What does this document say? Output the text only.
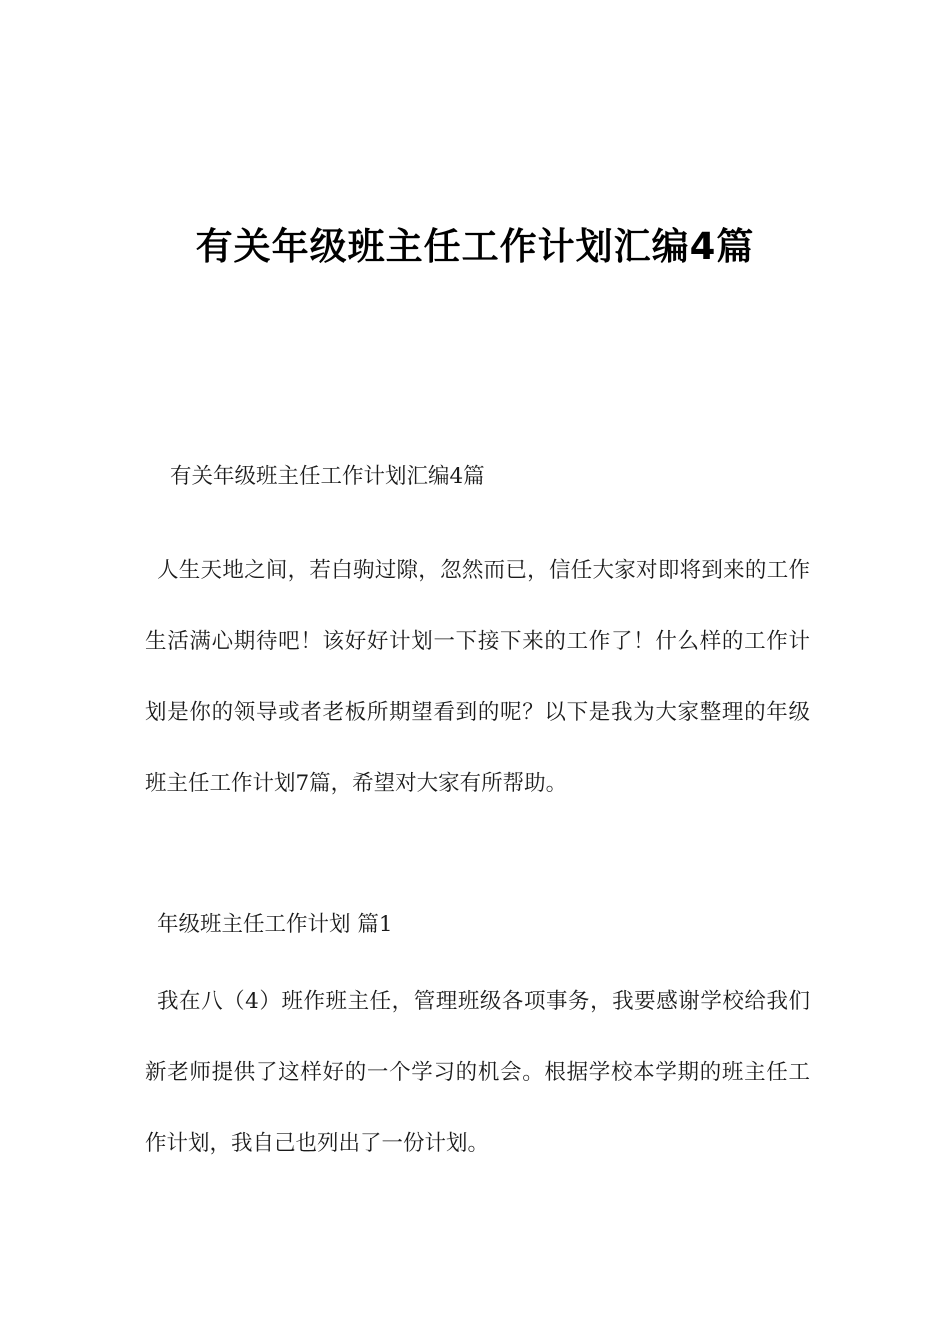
有关年级班主任工作计划汇编4篇
有关年级班主任工作计划汇编4篇
人生天地之间，若白驹过隙，忽然而已，信任大家对即将到来的工作生活满心期待吧！该好好计划一下接下来的工作了！什么样的工作计划是你的领导或者老板所期望看到的呢？以下是我为大家整理的年级班主任工作计划7篇，希望对大家有所帮助。
年级班主任工作计划 篇1
我在八（4）班作班主任，管理班级各项事务，我要感谢学校给我们新老师提供了这样好的一个学习的机会。根据学校本学期的班主任工作计划，我自己也列出了一份计划。
